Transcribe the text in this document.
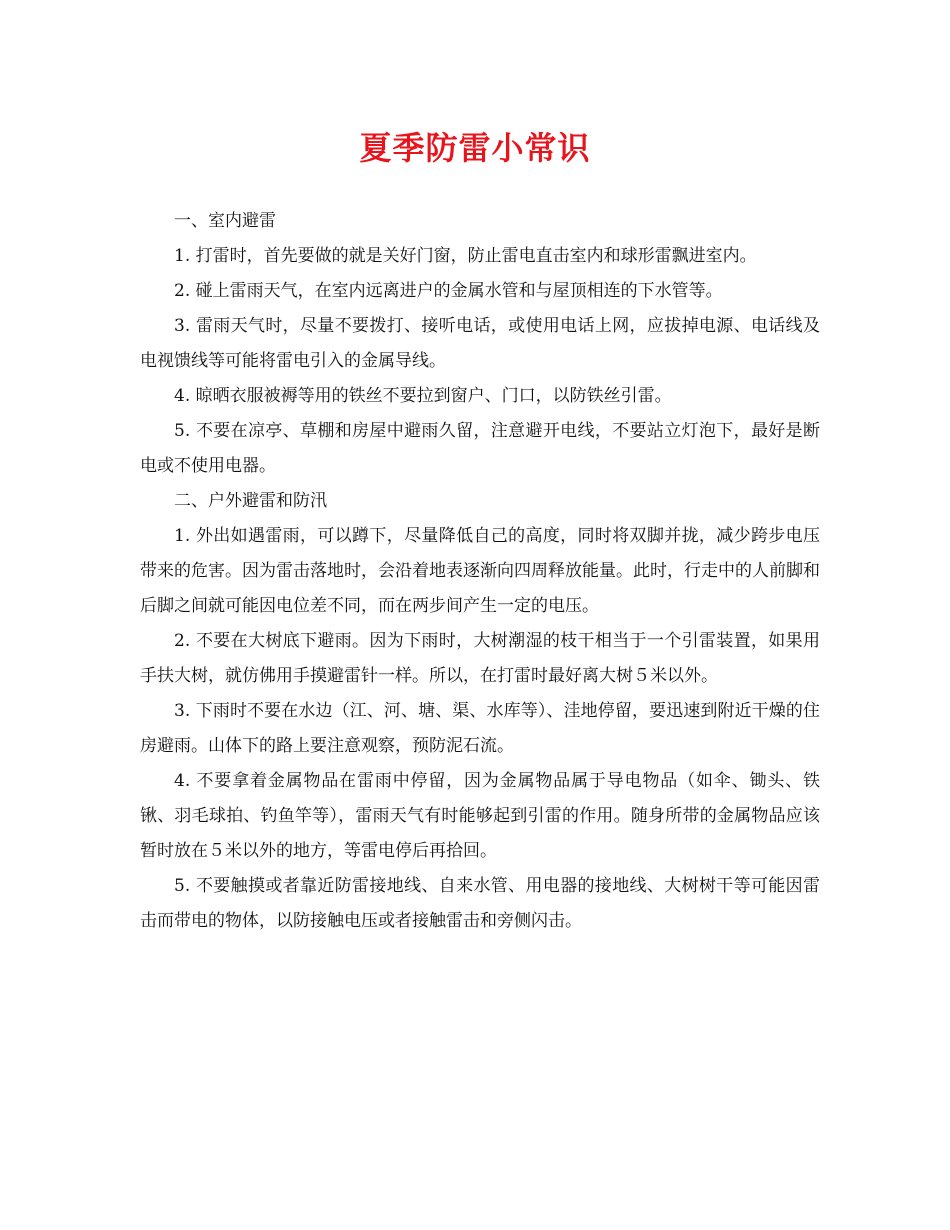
夏季防雷小常识

一、室内避雷

1. 打雷时，首先要做的就是关好门窗，防止雷电直击室内和球形雷飘进室内。

2. 碰上雷雨天气，在室内远离进户的金属水管和与屋顶相连的下水管等。

3. 雷雨天气时，尽量不要拨打、接听电话，或使用电话上网，应拔掉电源、电话线及电视馈线等可能将雷电引入的金属导线。

4. 晾晒衣服被褥等用的铁丝不要拉到窗户、门口，以防铁丝引雷。

5. 不要在凉亭、草棚和房屋中避雨久留，注意避开电线，不要站立灯泡下，最好是断电或不使用电器。

二、户外避雷和防汛

1. 外出如遇雷雨，可以蹲下，尽量降低自己的高度，同时将双脚并拢，减少跨步电压带来的危害。因为雷击落地时，会沿着地表逐渐向四周释放能量。此时，行走中的人前脚和后脚之间就可能因电位差不同，而在两步间产生一定的电压。

2. 不要在大树底下避雨。因为下雨时，大树潮湿的枝干相当于一个引雷装置，如果用手扶大树，就仿佛用手摸避雷针一样。所以，在打雷时最好离大树５米以外。

3. 下雨时不要在水边（江、河、塘、渠、水库等）、洼地停留，要迅速到附近干燥的住房避雨。山体下的路上要注意观察，预防泥石流。

4. 不要拿着金属物品在雷雨中停留，因为金属物品属于导电物品（如伞、锄头、铁锹、羽毛球拍、钓鱼竿等），雷雨天气有时能够起到引雷的作用。随身所带的金属物品应该暂时放在５米以外的地方，等雷电停后再拾回。

5. 不要触摸或者靠近防雷接地线、自来水管、用电器的接地线、大树树干等可能因雷击而带电的物体，以防接触电压或者接触雷击和旁侧闪击。
